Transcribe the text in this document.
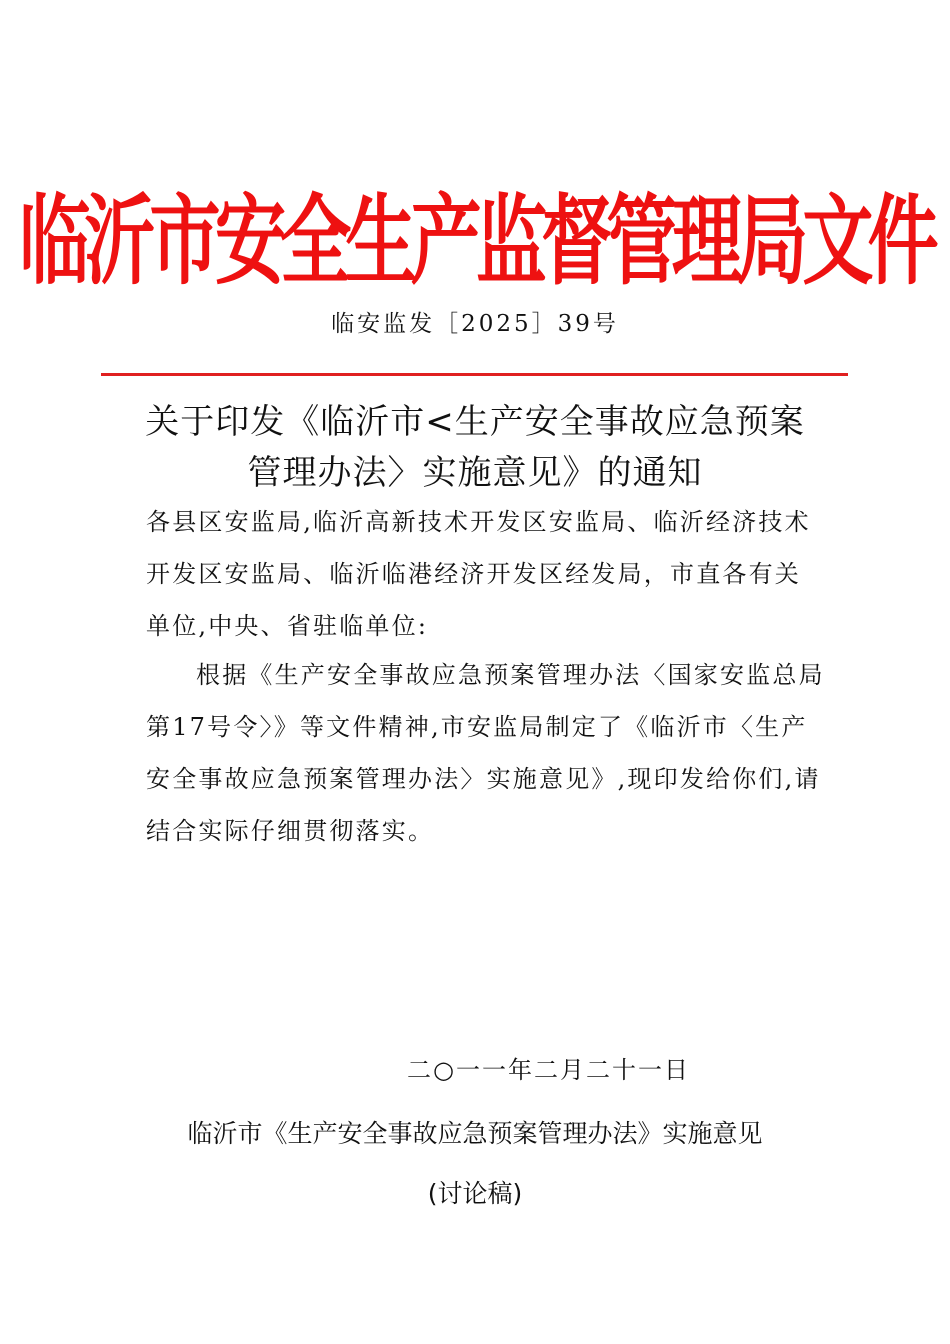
临沂市安全生产监督管理局文件
临安监发［2025］39号
关于印发《临沂市<生产安全事故应急预案
管理办法〉实施意见》的通知
各县区安监局,临沂高新技术开发区安监局、临沂经济技术开发区安监局、临沂临港经济开发区经发局，市直各有关单位,中央、省驻临单位:
根据《生产安全事故应急预案管理办法〈国家安监总局第17号令〉》等文件精神,市安监局制定了《临沂市〈生产安全事故应急预案管理办法〉实施意见》,现印发给你们,请结合实际仔细贯彻落实。
二○一一年二月二十一日
临沂市《生产安全事故应急预案管理办法》实施意见
(讨论稿)
